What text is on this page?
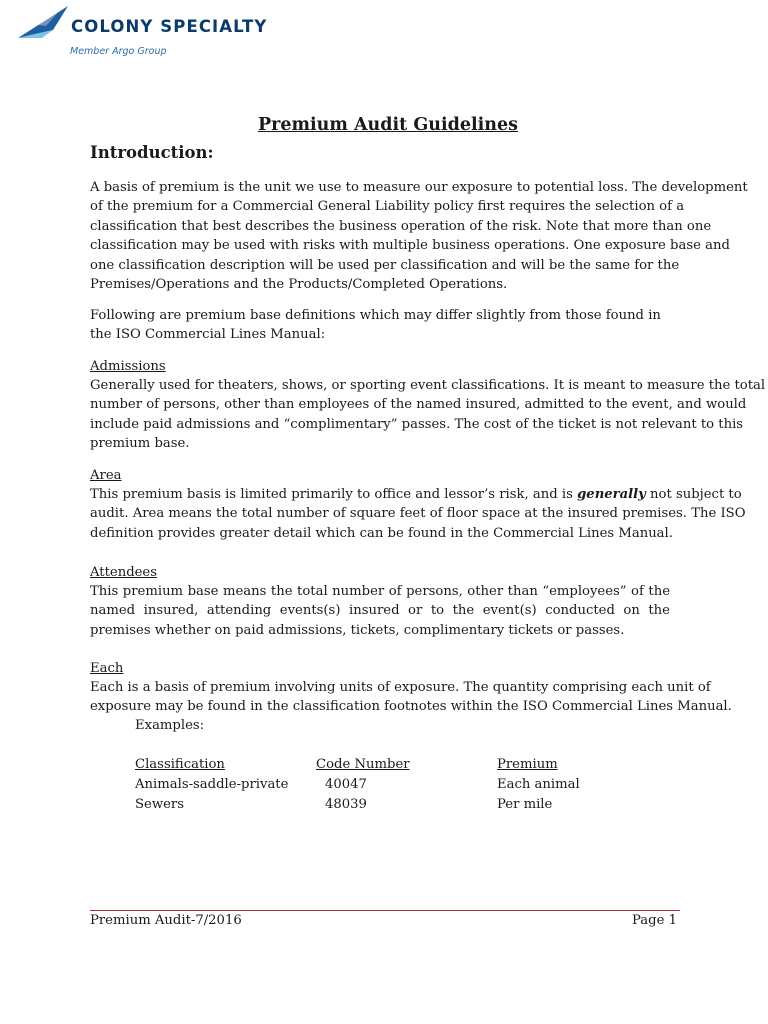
COLONY SPECIALTY
Member Argo Group
Premium Audit Guidelines
Introduction:
A basis of premium is the unit we use to measure our exposure to potential loss. The development
of the premium for a Commercial General Liability policy first requires the selection of a
classification that best describes the business operation of the risk. Note that more than one
classification may be used with risks with multiple business operations. One exposure base and
one classification description will be used per classification and will be the same for the
Premises/Operations and the Products/Completed Operations.
Following are premium base definitions which may differ slightly from those found in
the ISO Commercial Lines Manual:
Admissions
Generally used for theaters, shows, or sporting event classifications. It is meant to measure the total
number of persons, other than employees of the named insured, admitted to the event, and would
include paid admissions and “complimentary” passes. The cost of the ticket is not relevant to this
premium base.
Area
This premium basis is limited primarily to office and lessor’s risk, and is generally not subject to
audit. Area means the total number of square feet of floor space at the insured premises. The ISO
definition provides greater detail which can be found in the Commercial Lines Manual.
Attendees

This premium base means the total number of persons, other than “employees” of the named insured, attending events(s) insured or to the event(s) conducted on the premises whether on paid admissions, tickets, complimentary tickets or passes.

Each
Each is a basis of premium involving units of exposure. The quantity comprising each unit of
exposure may be found in the classification footnotes within the ISO Commercial Lines Manual.
Examples:
Classification	Code Number	Premium
Animals-saddle-private	40047	Each animal
Sewers	48039	Per mile
Premium Audit-7/2016	Page 1
